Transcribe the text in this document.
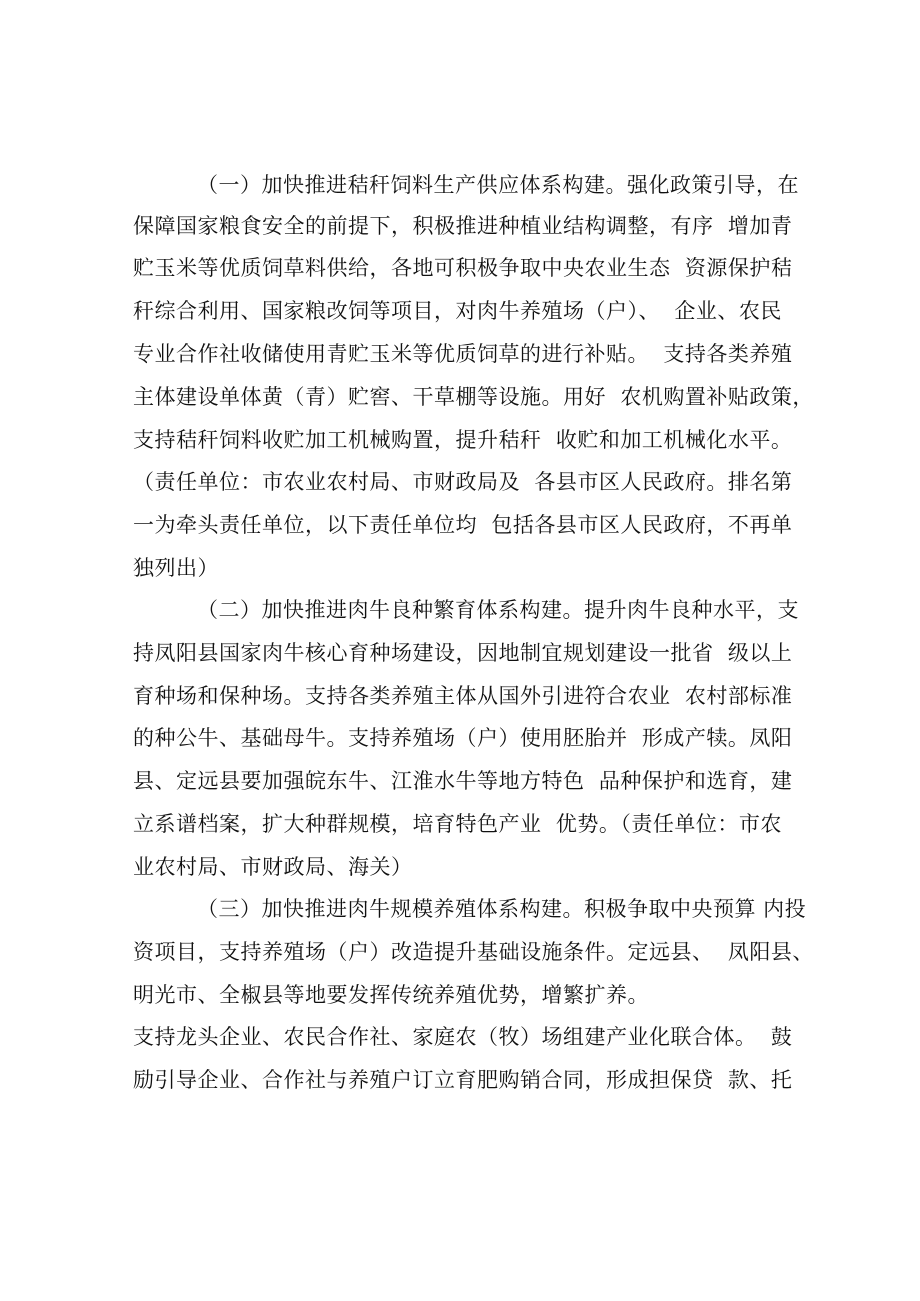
（一）加快推进秸秆饲料生产供应体系构建。强化政策引导，在
保障国家粮食安全的前提下，积极推进种植业结构调整，有序  增加青
贮玉米等优质饲草料供给，各地可积极争取中央农业生态  资源保护秸
秆综合利用、国家粮改饲等项目，对肉牛养殖场（户）、  企业、农民
专业合作社收储使用青贮玉米等优质饲草的进行补贴。  支持各类养殖
主体建设单体黄（青）贮窖、干草棚等设施。用好  农机购置补贴政策，
支持秸秆饲料收贮加工机械购置，提升秸秆  收贮和加工机械化水平。
（责任单位：市农业农村局、市财政局及  各县市区人民政府。排名第
一为牵头责任单位，以下责任单位均  包括各县市区人民政府，不再单
独列出）
（二）加快推进肉牛良种繁育体系构建。提升肉牛良种水平，支
持凤阳县国家肉牛核心育种场建设，因地制宜规划建设一批省  级以上
育种场和保种场。支持各类养殖主体从国外引进符合农业  农村部标准
的种公牛、基础母牛。支持养殖场（户）使用胚胎并  形成产犊。凤阳
县、定远县要加强皖东牛、江淮水牛等地方特色  品种保护和选育，建
立系谱档案，扩大种群规模，培育特色产业  优势。（责任单位：市农
业农村局、市财政局、海关）
（三）加快推进肉牛规模养殖体系构建。积极争取中央预算 内投
资项目，支持养殖场（户）改造提升基础设施条件。定远县、  凤阳县、
明光市、全椒县等地要发挥传统养殖优势，增繁扩养。
支持龙头企业、农民合作社、家庭农（牧）场组建产业化联合体。  鼓
励引导企业、合作社与养殖户订立育肥购销合同，形成担保贷  款、托
